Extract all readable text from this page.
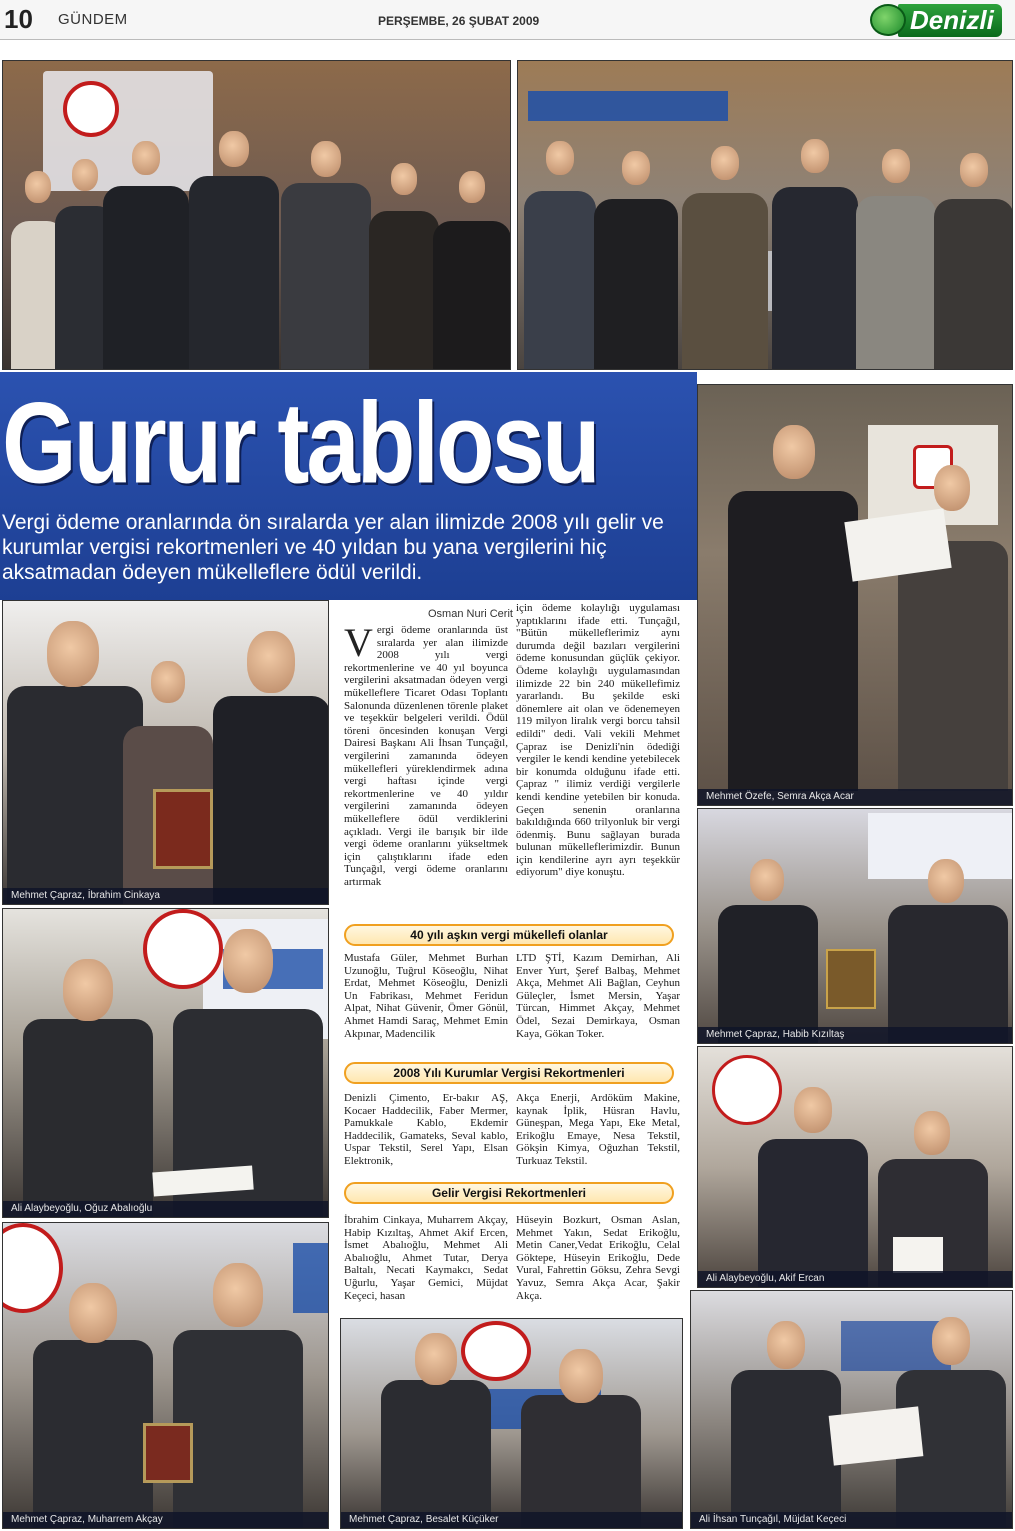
10 GÜNDEM	PERŞEMBE, 26 ŞUBAT 2009	Denizli
Gurur tablosu
Vergi ödeme oranlarında ön sıralarda yer alan ilimizde 2008 yılı gelir ve kurumlar vergisi rekortmenleri ve 40 yıldan bu yana vergilerini hiç aksatmadan ödeyen mükelleflere ödül verildi.
Mehmet Özefe, Semra Akça Acar
Mehmet Çapraz, Habib Kızıltaş
Ali Alaybeyoğlu, Akif Ercan
Ali İhsan Tunçağıl, Müjdat Keçeci
Mehmet Çapraz, İbrahim Cinkaya
Ali Alaybeyoğlu, Oğuz Abalıoğlu
Mehmet Çapraz, Muharrem Akçay	Mehmet Çapraz, Besalet Küçüker
Osman Nuri Cerit
Vergi ödeme oranlarında üst sıralarda yer alan ilimizde 2008 yılı vergi rekortmenlerine ve 40 yıl boyunca vergilerini aksatmadan ödeyen vergi mükelleflere Ticaret Odası Toplantı Salonunda düzenlenen törenle plaket ve teşekkür belgeleri verildi. Ödül töreni öncesinden konuşan Vergi Dairesi Başkanı Ali İhsan Tunçağıl, vergilerini zamanında ödeyen mükellefleri yüreklendirmek adına vergi haftası içinde vergi rekortmenlerine ve 40 yıldır vergilerini zamanında ödeyen mükelleflere ödül verdiklerini açıkladı. Vergi ile barışık bir ilde vergi ödeme oranlarını yükseltmek için çalıştıklarını ifade eden Tunçağıl, vergi ödeme oranlarını artırmak
için ödeme kolaylığı uygulaması yaptıklarını ifade etti. Tunçağıl, "Bütün mükelleflerimiz aynı durumda değil bazıları vergilerini ödeme konusundan güçlük çekiyor. Ödeme kolaylığı uygulamasından ilimizde 22 bin 240 mükellefimiz yararlandı. Bu şekilde eski dönemlere ait olan ve ödenemeyen 119 milyon liralık vergi borcu tahsil edildi" dedi. Vali vekili Mehmet Çapraz ise Denizli'nin ödediği vergiler le kendi kendine yetebilecek bir konumda olduğunu ifade etti. Çapraz " ilimiz verdiği vergilerle kendi kendine yetebilen bir konuda. Geçen senenin oranlarına bakıldığında 660 trilyonluk bir vergi ödenmiş. Bunu sağlayan burada bulunan mükelleflerimizdir. Bunun için kendilerine ayrı ayrı teşekkür ediyorum" diye konuştu.
40 yılı aşkın vergi mükellefi olanlar
Mustafa Güler, Mehmet Burhan Uzunoğlu, Tuğrul Köseoğlu, Nihat Erdat, Mehmet Köseoğlu, Denizli Un Fabrikası, Mehmet Feridun Alpat, Nihat Güvenir, Ömer Gönül, Ahmet Hamdi Saraç, Mehmet Emin Akpınar, Madencilik
LTD ŞTİ, Kazım Demirhan, Ali Enver Yurt, Şeref Balbaş, Mehmet Akça, Mehmet Ali Bağlan, Ceyhun Güleçler, İsmet Mersin, Yaşar Türcan, Himmet Akçay, Mehmet Ödel, Sezai Demirkaya, Osman Kaya, Gökan Toker.
2008 Yılı Kurumlar Vergisi Rekortmenleri
Denizli Çimento, Er-bakır AŞ, Kocaer Haddecilik, Faber Mermer, Pamukkale Kablo, Ekdemir Haddecilik, Gamateks, Seval kablo, Uspar Tekstil, Serel Yapı, Elsan Elektronik,
Akça Enerji, Ardöküm Makine, kaynak İplik, Hüsran Havlu, Güneşpan, Mega Yapı, Eke Metal, Erikoğlu Emaye, Nesa Tekstil, Gökşin Kimya, Oğuzhan Tekstil, Turkuaz Tekstil.
Gelir Vergisi Rekortmenleri
İbrahim Cinkaya, Muharrem Akçay, Habip Kızıltaş, Ahmet Akif Ercen, İsmet Abalıoğlu, Mehmet Ali Abalıoğlu, Ahmet Tutar, Derya Baltalı, Necati Kaymakcı, Sedat Uğurlu, Yaşar Gemici, Müjdat Keçeci, hasan
Hüseyin Bozkurt, Osman Aslan, Mehmet Yakın, Sedat Erikoğlu, Metin Caner,Vedat Erikoğlu, Celal Göktepe, Hüseyin Erikoğlu, Dede Vural, Fahrettin Göksu, Zehra Sevgi Yavuz, Semra Akça Acar, Şakir Akça.
